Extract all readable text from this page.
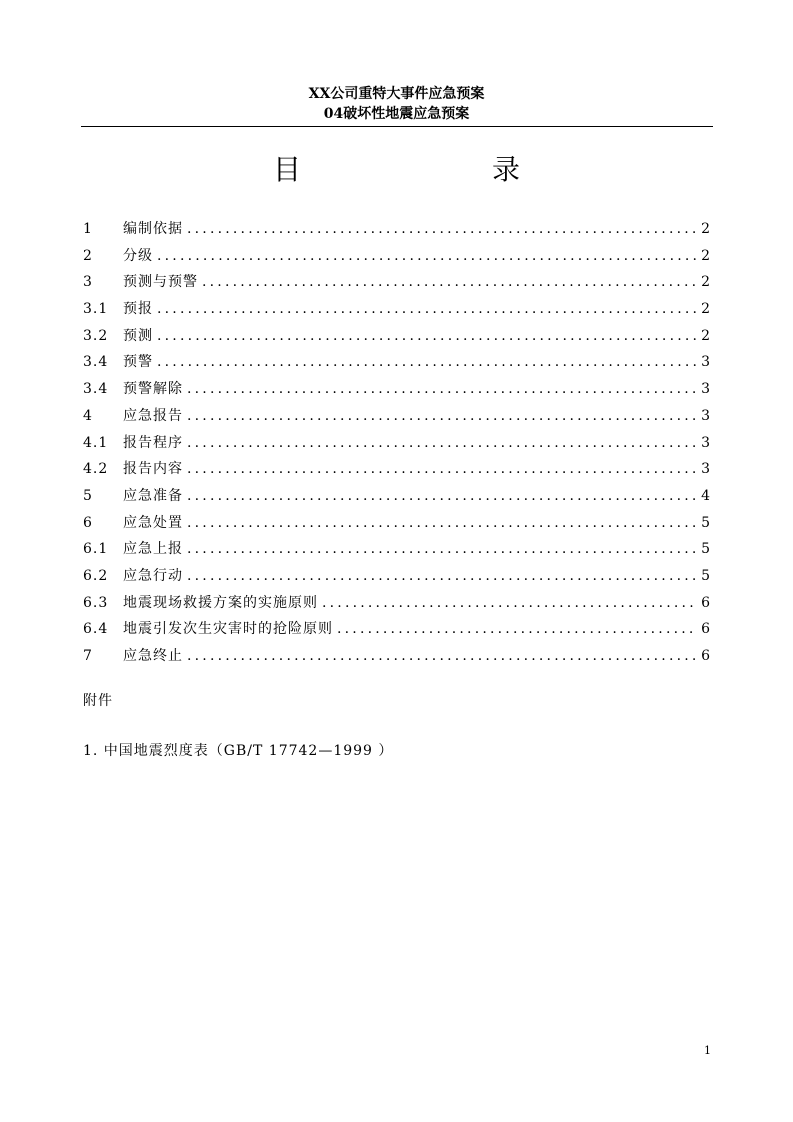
XX公司重特大事件应急预案
04破坏性地震应急预案
目	录
1	编制依据 .....	2
2	分级 .....	2
3	预测与预警 .....	2
3.1	预报 .....	2
3.2	预测 .....	2
3.4	预警 .....	3
3.4	预警解除 .....	3
4	应急报告 .....	3
4.1	报告程序 .....	3
4.2	报告内容 .....	3
5	应急准备 .....	4
6	应急处置 .....	5
6.1	应急上报 .....	5
6.2	应急行动 .....	5
6.3	地震现场救援方案的实施原则 .....	6
6.4	地震引发次生灾害时的抢险原则 .....	6
7	应急终止 .....	6
附件
1. 中国地震烈度表（GB/T 17742—1999 ）
1
